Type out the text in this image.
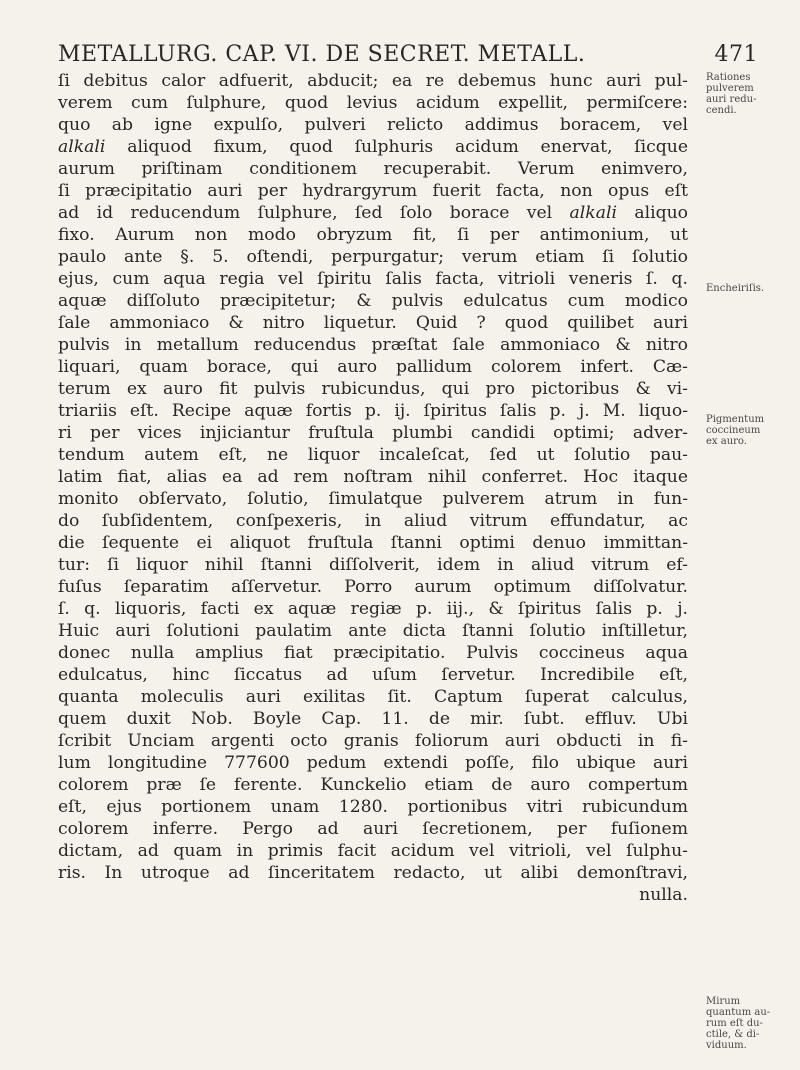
METALLURG. CAP. VI. DE SECRET. METALL.	471
ſi debitus calor adfuerit, abducit; ea re debemus hunc auri pul-
verem cum ſulphure, quod levius acidum expellit, permiſcere:
quo ab igne expulſo, pulveri relicto addimus boracem, vel
alkali aliquod fixum, quod ſulphuris acidum enervat, ſicque
aurum priſtinam conditionem recuperabit. Verum enimvero,
ſi præcipitatio auri per hydrargyrum fuerit facta, non opus eſt
ad id reducendum ſulphure, ſed ſolo borace vel alkali aliquo
fixo. Aurum non modo obryzum fit, ſi per antimonium, ut
paulo ante §. 5. oſtendi, perpurgatur; verum etiam ſi ſolutio
ejus, cum aqua regia vel ſpiritu ſalis facta, vitrioli veneris ſ. q.
aquæ diſſoluto præcipitetur; & pulvis edulcatus cum modico
ſale ammoniaco & nitro liquetur. Quid ? quod quilibet auri
pulvis in metallum reducendus præſtat ſale ammoniaco & nitro
liquari, quam borace, qui auro pallidum colorem infert. Cæ-
terum ex auro fit pulvis rubicundus, qui pro pictoribus & vi-
triariis eſt. Recipe aquæ fortis p. ij. ſpiritus ſalis p. j. M. liquo-
ri per vices injiciantur fruſtula plumbi candidi optimi; adver-
tendum autem eſt, ne liquor incaleſcat, ſed ut ſolutio pau-
latim fiat, alias ea ad rem noſtram nihil conferret. Hoc itaque
monito obſervato, ſolutio, ſimulatque pulverem atrum in fun-
do ſubſidentem, conſpexeris, in aliud vitrum effundatur, ac
die ſequente ei aliquot fruſtula ſtanni optimi denuo immittan-
tur: ſi liquor nihil ſtanni diſſolverit, idem in aliud vitrum ef-
fuſus ſeparatim aſſervetur. Porro aurum optimum diſſolvatur.
ſ. q. liquoris, facti ex aquæ regiæ p. iij., & ſpiritus ſalis p. j.
Huic auri ſolutioni paulatim ante dicta ſtanni ſolutio inſtilletur,
donec nulla amplius fiat præcipitatio. Pulvis coccineus aqua
edulcatus, hinc ſiccatus ad uſum ſervetur. Incredibile eſt,
quanta moleculis auri exilitas ſit. Captum ſuperat calculus,
quem duxit Nob. Boyle Cap. 11. de mir. ſubt. effluv. Ubi
ſcribit Unciam argenti octo granis foliorum auri obducti in fi-
lum longitudine 777600 pedum extendi poſſe, filo ubique auri
colorem præ ſe ferente. Kunckelio etiam de auro compertum
eſt, ejus portionem unam 1280. portionibus vitri rubicundum
colorem inferre. Pergo ad auri ſecretionem, per fuſionem
dictam, ad quam in primis facit acidum vel vitrioli, vel ſulphu-
ris. In utroque ad ſinceritatem redacto, ut alibi demonſtravi,
nulla.
Rationes
pulverem
auri redu-
cendi.
Encheiriſis.
Pigmentum
coccineum
ex auro.
Mirum
quantum au-
rum eſt du-
ctile, & di-
viduum.
